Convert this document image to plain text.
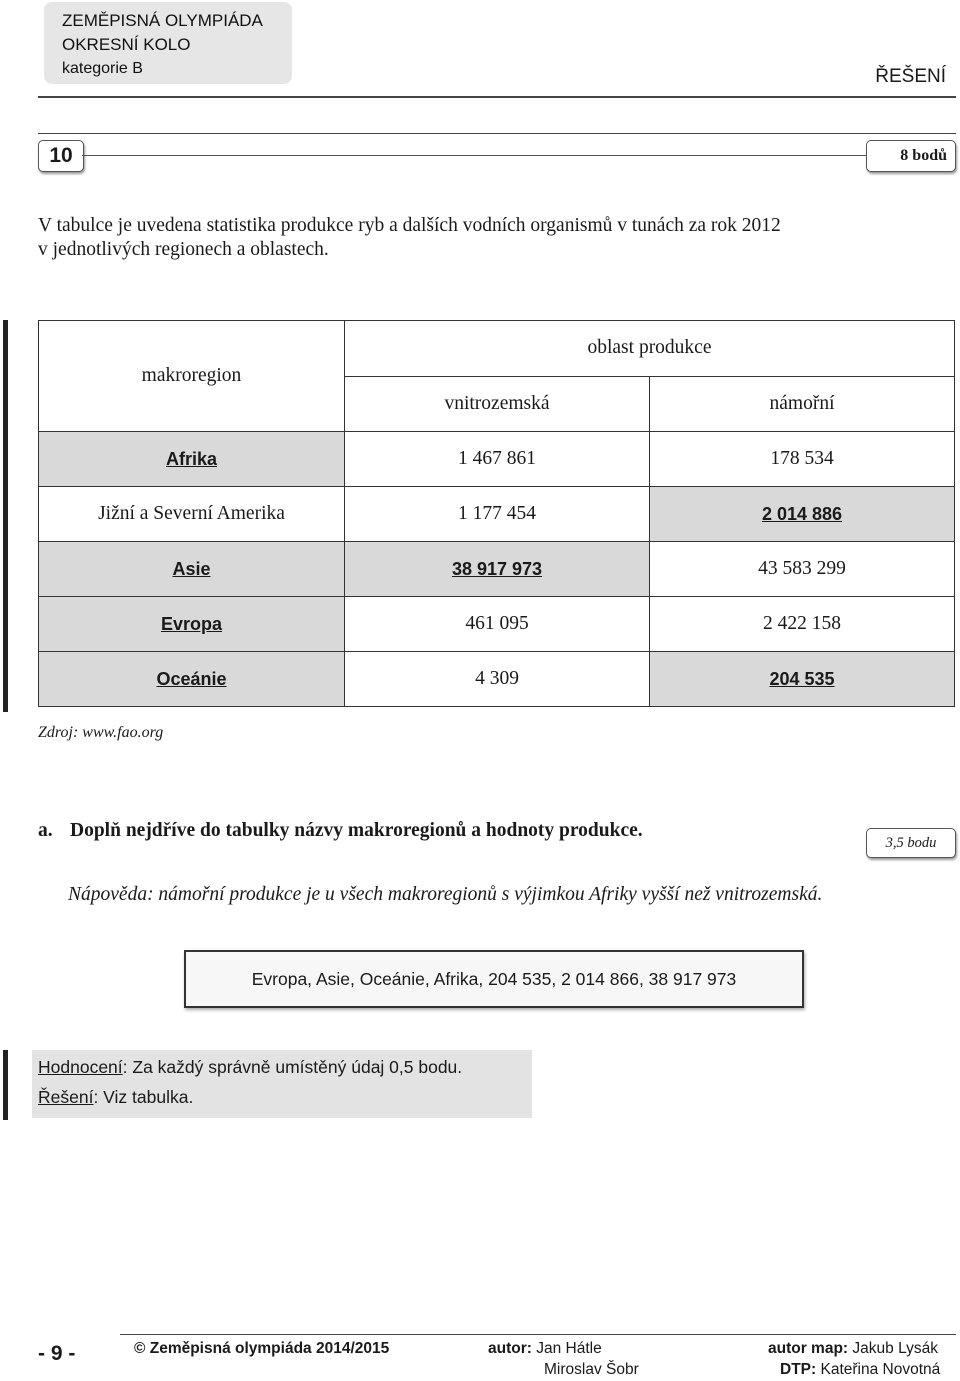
ZEMĚPISNÁ OLYMPIÁDA
OKRESNÍ KOLO
kategorie B	ŘEŠENÍ
10	8 bodů
V tabulce je uvedena statistika produkce ryb a dalších vodních organismů v tunách za rok 2012
v jednotlivých regionech a oblastech.
makroregion	oblast produkce	
	vnitrozemská	námořní
Afrika	1 467 861	178 534
Jižní a Severní Amerika	1 177 454	2 014 886
Asie	38 917 973	43 583 299
Evropa	461 095	2 422 158
Oceánie	4 309	204 535
Zdroj: www.fao.org
a. Doplň nejdříve do tabulky názvy makroregionů a hodnoty produkce.
3,5 bodu
Nápověda: námořní produkce je u všech makroregionů s výjimkou Afriky vyšší než vnitrozemská.
Evropa, Asie, Oceánie, Afrika, 204 535, 2 014 866, 38 917 973
Hodnocení: Za každý správně umístěný údaj 0,5 bodu.
Řešení: Viz tabulka.
- 9 -	© Zeměpisná olympiáda 2014/2015	autor: Jan Hátle
Miroslav Šobr
autor map: Jakub Lysák
DTP: Kateřina Novotná
